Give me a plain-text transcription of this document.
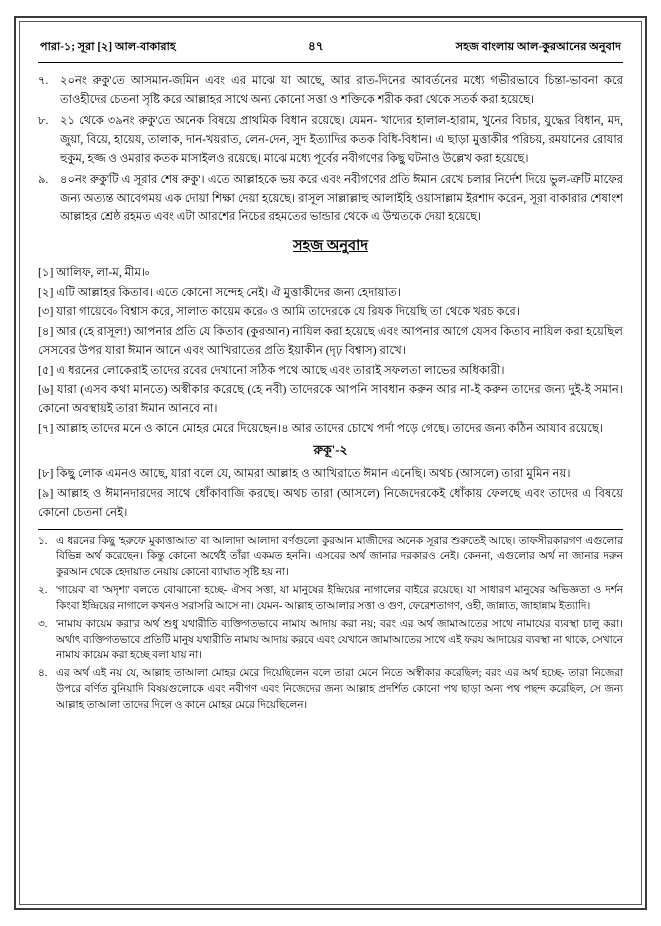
পারা-১; সূরা [২] আল-বাকারাহ	৪৭	সহজ বাংলায় আল-কুরআনের অনুবাদ
৭.	২০নং রুকু'তে আসমান-জমিন এবং এর মাঝে যা আছে, আর রাত-দিনের আবর্তনের মধ্যে গভীরভাবে চিন্তা-ভাবনা করে তাওহীদের চেতনা সৃষ্টি করে আল্লাহর সাথে অন্য কোনো সত্তা ও শক্তিকে শরীক করা থেকে সতর্ক করা হয়েছে।
৮.	২১ থেকে ৩৯নং রুকু'তে অনেক বিষয়ে প্রাথমিক বিধান রয়েছে। যেমন- খাদ্যের হালাল-হারাম, খুনের বিচার, যুদ্ধের বিধান, মদ, জুয়া, বিয়ে, হায়েয, তালাক, দান-খয়রাত, লেন-দেন, সুদ ইত্যাদির কতক বিধি-বিধান। এ ছাড়া মুত্তাকীর পরিচয়, রমযানের রোযার হুকুম, হজ্জ ও ওমরার কতক মাসাইলও রয়েছে। মাঝে মধ্যে পূর্বের নবীগণের কিছু ঘটনাও উল্লেখ করা হয়েছে।
৯.	৪০নং রুকু'টি এ সূরার শেষ রুকু'। এতে আল্লাহকে ভয় করে এবং নবীগণের প্রতি ঈমান রেখে চলার নির্দেশ দিয়ে ভুল-ত্রুটি মাফের জন্য অত্যন্ত আবেগময় এক দোয়া শিক্ষা দেয়া হয়েছে। রাসূল সাল্লাল্লাহু আলাইহি ওয়াসাল্লাম ইরশাদ করেন, সূরা বাকারার শেষাংশ আল্লাহর শ্রেষ্ঠ রহমত এবং এটা আরশের নিচের রহমতের ভান্ডার থেকে এ উম্মতকে দেয়া হয়েছে।
সহজ অনুবাদ
[১] আলিফ, লা-ম, মীম।৹
[২] এটি আল্লাহর কিতাব। এতে কোনো সন্দেহ নেই। ঐ মুত্তাকীদের জন্য হেদায়াত।
[৩] যারা গায়েবে৹ বিশ্বাস করে, সালাত কায়েম করে৹ ও আমি তাদেরকে যে রিযক দিয়েছি তা থেকে খরচ করে।
[৪] আর (হে রাসূল!) আপনার প্রতি যে কিতাব (কুরআন) নাযিল করা হয়েছে এবং আপনার আগে যেসব কিতাব নাযিল করা হয়েছিল সেসবের উপর যারা ঈমান আনে এবং আখিরাতের প্রতি ইয়াকীন (দৃঢ় বিশ্বাস) রাখে।
[৫] এ ধরনের লোকেরাই তাদের রবের দেখানো সঠিক পথে আছে এবং তারাই সফলতা লাভের অধিকারী।
[৬] যারা (এসব কথা মানতে) অস্বীকার করেছে (হে নবী) তাদেরকে আপনি সাবধান করুন আর না-ই করুন তাদের জন্য দুই-ই সমান। কোনো অবস্থায়ই তারা ঈমান আনবে না।
[৭] আল্লাহ তাদের মনে ও কানে মোহর মেরে দিয়েছেন।৪ আর তাদের চোখে পর্দা পড়ে গেছে। তাদের জন্য কঠিন আযাব রয়েছে।
রুকূ'-২
[৮] কিছু লোক এমনও আছে, যারা বলে যে, আমরা আল্লাহ ও আখিরাতে ঈমান এনেছি। অথচ (আসলে) তারা মুমিন নয়।
[৯] আল্লাহ ও ঈমানদারদের সাথে ধোঁকাবাজি করছে। অথচ তারা (আসলে) নিজেদেরকেই ধোঁকায় ফেলছে এবং তাদের এ বিষয়ে কোনো চেতনা নেই।
১. এ ধরনের কিছু 'হরুফে মুকাত্তাআত' বা আলাদা আলাদা বর্ণগুলো কুরআন মাজীদের অনেক সূরার শুরুতেই আছে। তাফসীরকারগণ এগুলোর বিভিন্ন অর্থ করেছেন। কিন্তু কোনো অর্থেই তাঁরা একমত হননি। এসবের অর্থ জানার দরকারও নেই। কেননা, এগুলোর অর্থ না জানার দরুন কুরআন থেকে হেদায়াত নেয়ায় কোনো ব্যাঘাত সৃষ্টি হয় না।
২. 'গায়েব' বা 'অদৃশ্য' বলতে বোঝানো হচ্ছে- ঐসব সত্তা, যা মানুষের ইন্দ্রিয়ের নাগালের বাইরে রয়েছে। যা সাধারণ মানুষের অভিজ্ঞতা ও দর্শন কিংবা ইন্দ্রিয়ের নাগালে কখনও সরাসরি আসে না। যেমন- আল্লাহ তাআলার সত্তা ও গুণ, ফেরেশতাগণ, ওহী, জান্নাত, জাহান্নাম ইত্যাদি।
৩. 'নামায কায়েম করা'র অর্থ শুধু যথারীতি ব্যক্তিগতভাবে নামায আদায় করা নয়; বরং এর অর্থ জামাআতের সাথে নামাযের ব্যবস্থা চালু করা। অর্থাৎ ব্যক্তিগতভাবে প্রতিটি মানুষ যথারীতি নামায আদায় করবে এবং যেখানে জামাআতের সাথে এই ফরয আদায়ের ব্যবস্থা না থাকে, সেখানে নামায কায়েম করা হচ্ছে বলা যায় না।
৪. এর অর্থ এই নয় যে, আল্লাহ তাআলা মোহর মেরে দিয়েছিলেন বলে তারা মেনে নিতে অস্বীকার করেছিল; বরং এর অর্থ হচ্ছে- তারা নিজেরা উপরে বর্ণিত বুনিয়াদি বিষয়গুলোকে এবং নবীগণ এবং নিজেদের জন্য আল্লাহ প্রদর্শিত কোনো পথ ছাড়া অন্য পথ পছন্দ করেছিল, সে জন্য আল্লাহ তাআলা তাদের দিলে ও কানে মোহর মেরে দিয়েছিলেন।
